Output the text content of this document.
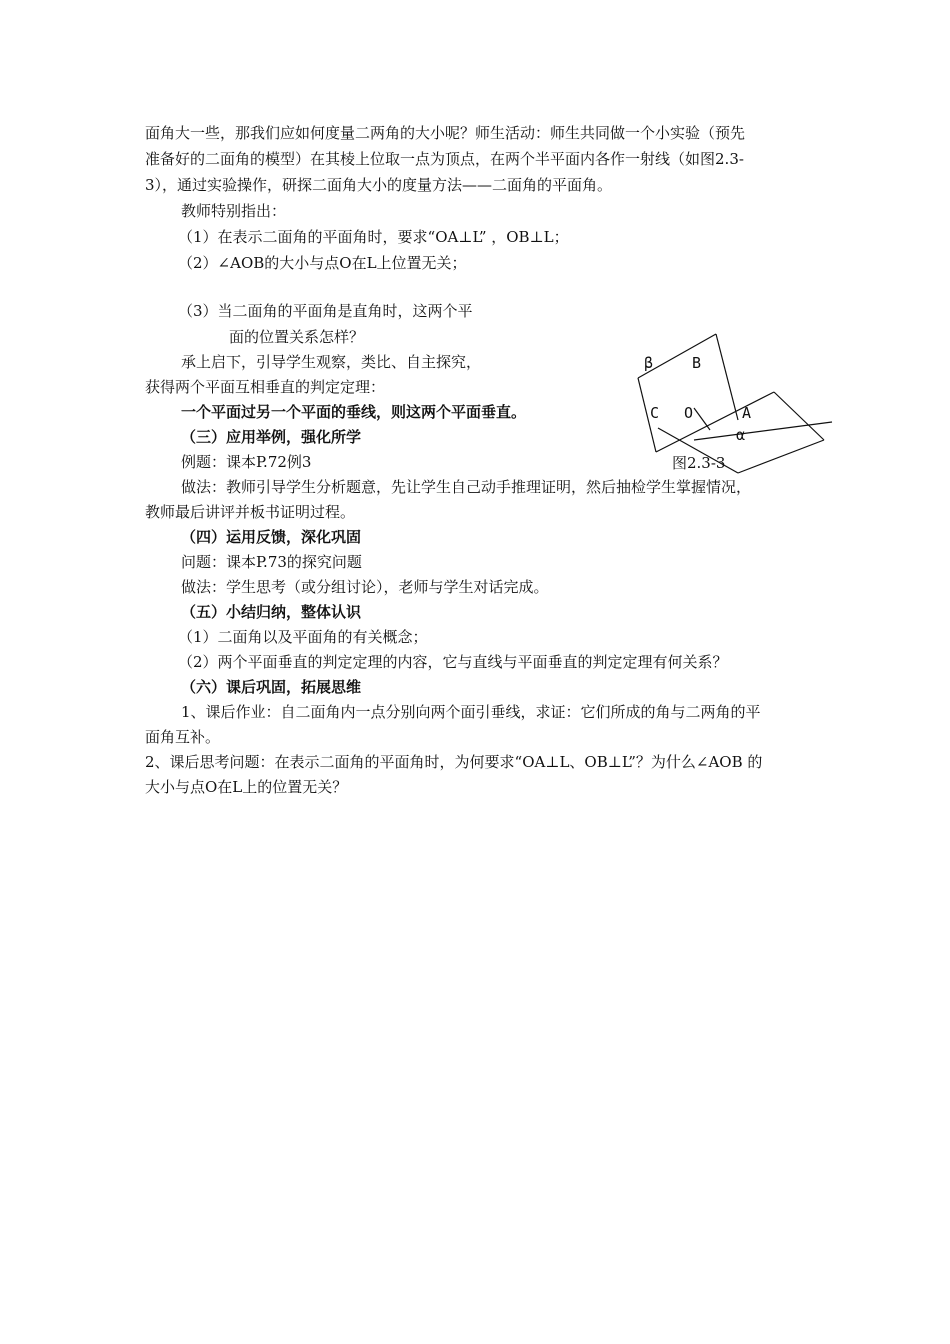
面角大一些，那我们应如何度量二两角的大小呢？师生活动：师生共同做一个小实验（预先
准备好的二面角的模型）在其棱上位取一点为顶点，在两个半平面内各作一射线（如图2.3-
3），通过实验操作，研探二面角大小的度量方法——二面角的平面角。
教师特别指出：
（1）在表示二面角的平面角时，要求“OA⊥L” ，OB⊥L；
（2）∠AOB的大小与点O在L上位置无关；
（3）当二面角的平面角是直角时，这两个平
面的位置关系怎样？
承上启下，引导学生观察，类比、自主探究，
获得两个平面互相垂直的判定定理：
一个平面过另一个平面的垂线，则这两个平面垂直。
（三）应用举例，强化所学
例题：课本P.72例3
做法：教师引导学生分析题意，先让学生自己动手推理证明，然后抽检学生掌握情况，
教师最后讲评并板书证明过程。
（四）运用反馈，深化巩固
问题：课本P.73的探究问题
做法：学生思考（或分组讨论），老师与学生对话完成。
（五）小结归纳，整体认识
（1）二面角以及平面角的有关概念；
（2）两个平面垂直的判定定理的内容，它与直线与平面垂直的判定定理有何关系？
（六）课后巩固，拓展思维
1、课后作业：自二面角内一点分别向两个面引垂线，求证：它们所成的角与二两角的平
面角互补。
2、课后思考问题：在表示二面角的平面角时，为何要求“OA⊥L、OB⊥L”？为什么∠AOB 的
大小与点O在L上的位置无关？
β	B
C O	A
α
图2.3-3
